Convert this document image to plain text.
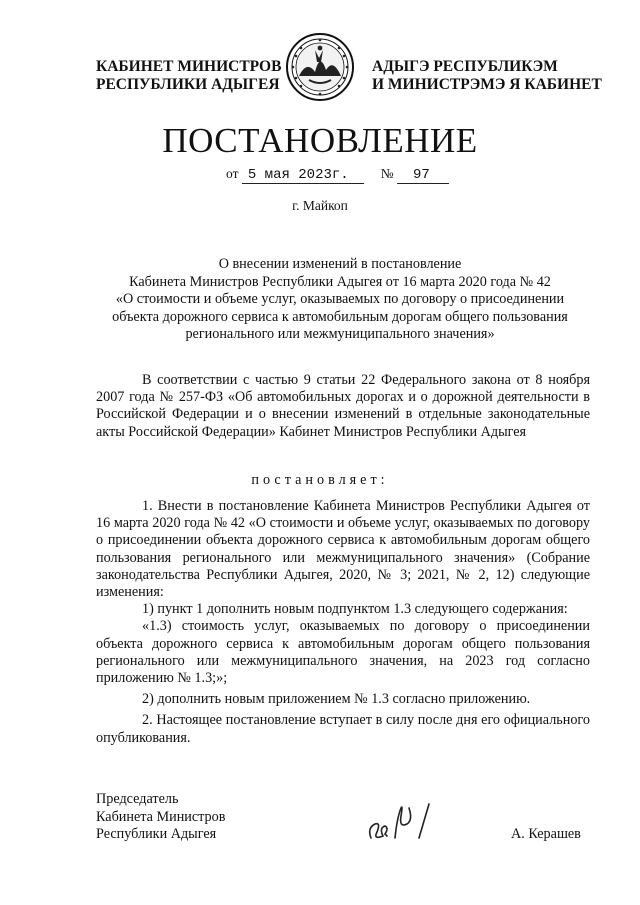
КАБИНЕТ МИНИСТРОВ
РЕСПУБЛИКИ АДЫГЕЯ
АДЫГЭ РЕСПУБЛИКЭМ
И МИНИСТРЭМЭ Я КАБИНЕТ
ПОСТАНОВЛЕНИЕ
от 5 мая 2023г. № 97
г. Майкоп
О внесении изменений в постановление
Кабинета Министров Республики Адыгея от 16 марта 2020 года № 42
«О стоимости и объеме услуг, оказываемых по договору о присоединении
объекта дорожного сервиса к автомобильным дорогам общего пользования
регионального или межмуниципального значения»
В соответствии с частью 9 статьи 22 Федерального закона от 8 ноября 2007 года № 257-ФЗ «Об автомобильных дорогах и о дорожной деятельности в Российской Федерации и о внесении изменений в отдельные законодательные акты Российской Федерации» Кабинет Министров Республики Адыгея
постановляет:

1. Внести в постановление Кабинета Министров Республики Адыгея от 16 марта 2020 года № 42 «О стоимости и объеме услуг, оказываемых по договору о присоединении объекта дорожного сервиса к автомобильным дорогам общего пользования регионального или межмуниципального значения» (Собрание законодательства Республики Адыгея, 2020, № 3; 2021, № 2, 12) следующие изменения:

1) пункт 1 дополнить новым подпунктом 1.3 следующего содержания:

«1.3) стоимость услуг, оказываемых по договору о присоединении объекта дорожного сервиса к автомобильным дорогам общего пользования регионального или межмуниципального значения, на 2023 год согласно приложению № 1.3;»;

2) дополнить новым приложением № 1.3 согласно приложению.

2. Настоящее постановление вступает в силу после дня его официального опубликования.

Председатель
Кабинета Министров
Республики Адыгея	А. Керашев
